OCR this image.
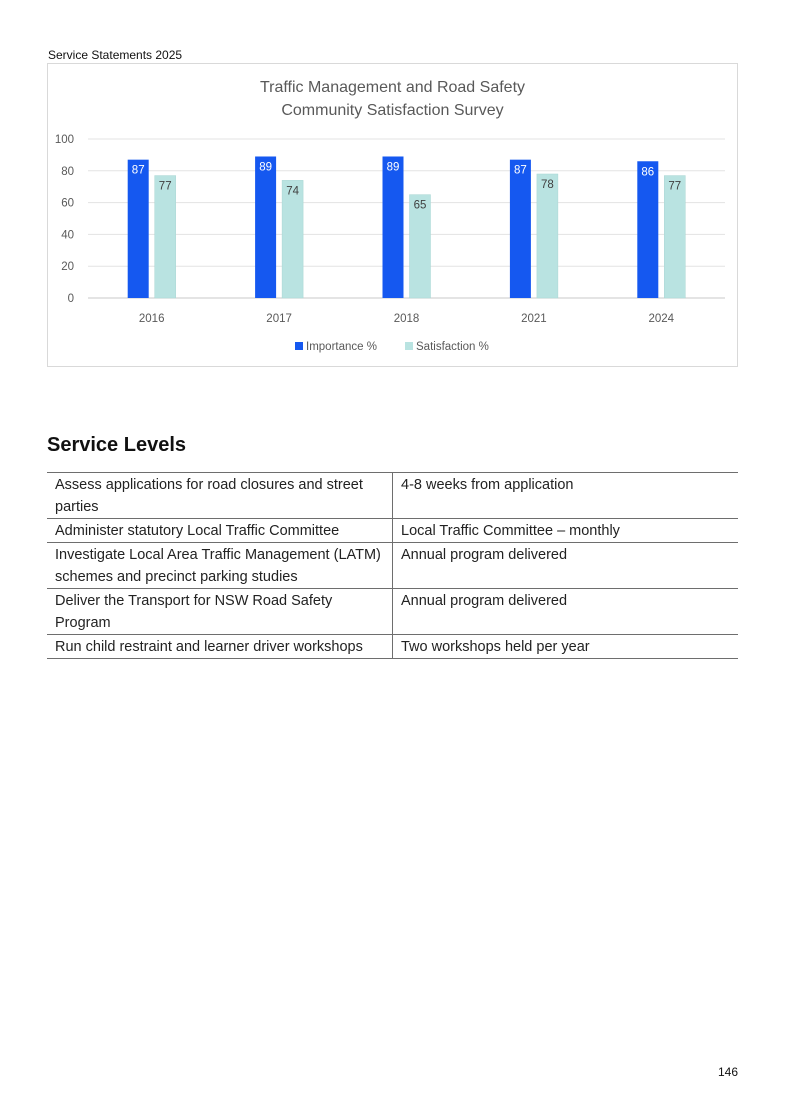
Service Statements 2025
Traffic Management and Road Safety
Community Satisfaction Survey
0
20
40
60
80
100
87
77
2016
89
74
2017
89
65
2018
87
78
2021
86
77
2024
Importance %	Satisfaction %
Service Levels
Assess applications for road closures and street parties	4-8 weeks from application
Administer statutory Local Traffic Committee	Local Traffic Committee – monthly
Investigate Local Area Traffic Management (LATM) schemes and precinct parking studies	Annual program delivered
Deliver the Transport for NSW Road Safety Program	Annual program delivered
Run child restraint and learner driver workshops	Two workshops held per year
146
